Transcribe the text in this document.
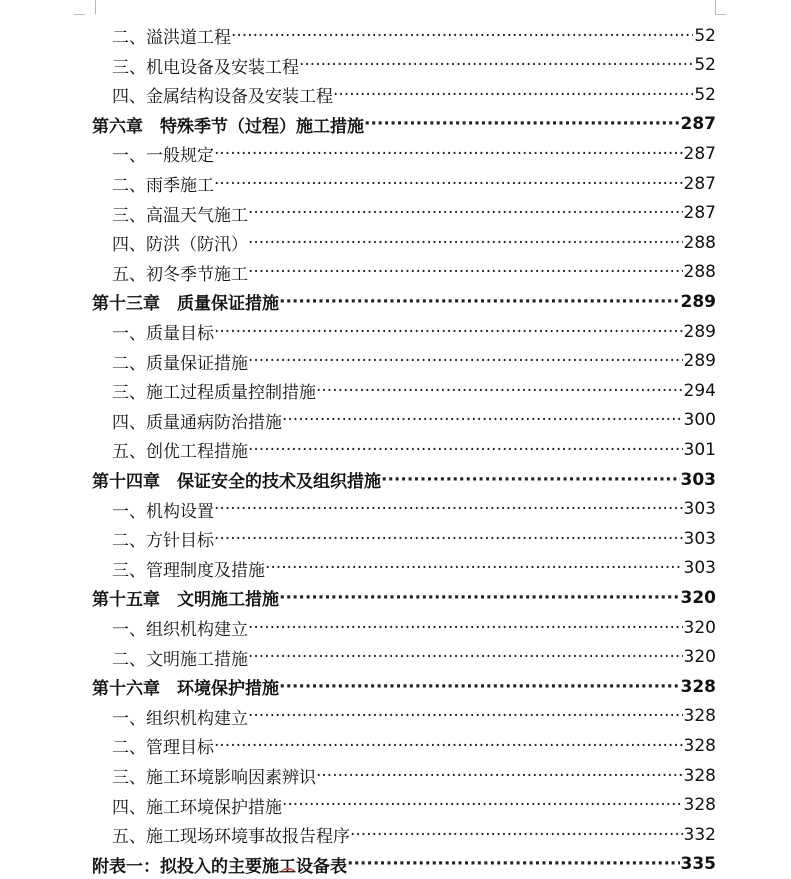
二、溢洪道工程 ·····	52
三、机电设备及安装工程 ·····	52
四、金属结构设备及安装工程 ·····	52
第六章　特殊季节（过程）施工措施 ·····	287
一、一般规定 ·····	287
二、雨季施工 ·····	287
三、高温天气施工 ·····	287
四、防洪（防汛） ·····	288
五、初冬季节施工 ·····	288
第十三章　质量保证措施 ·····	289
一、质量目标 ·····	289
二、质量保证措施 ·····	289
三、施工过程质量控制措施 ·····	294
四、质量通病防治措施 ·····	300
五、创优工程措施 ·····	301
第十四章　保证安全的技术及组织措施 ·····	303
一、机构设置 ·····	303
二、方针目标 ·····	303
三、管理制度及措施 ·····	303
第十五章　文明施工措施 ·····	320
一、组织机构建立 ·····	320
二、文明施工措施 ·····	320
第十六章　环境保护措施 ·····	328
一、组织机构建立 ·····	328
二、管理目标 ·····	328
三、施工环境影响因素辨识 ·····	328
四、施工环境保护措施 ·····	328
五、施工现场环境事故报告程序 ·····	332
附表一：拟投入的主要施工设备表 ·····	335
